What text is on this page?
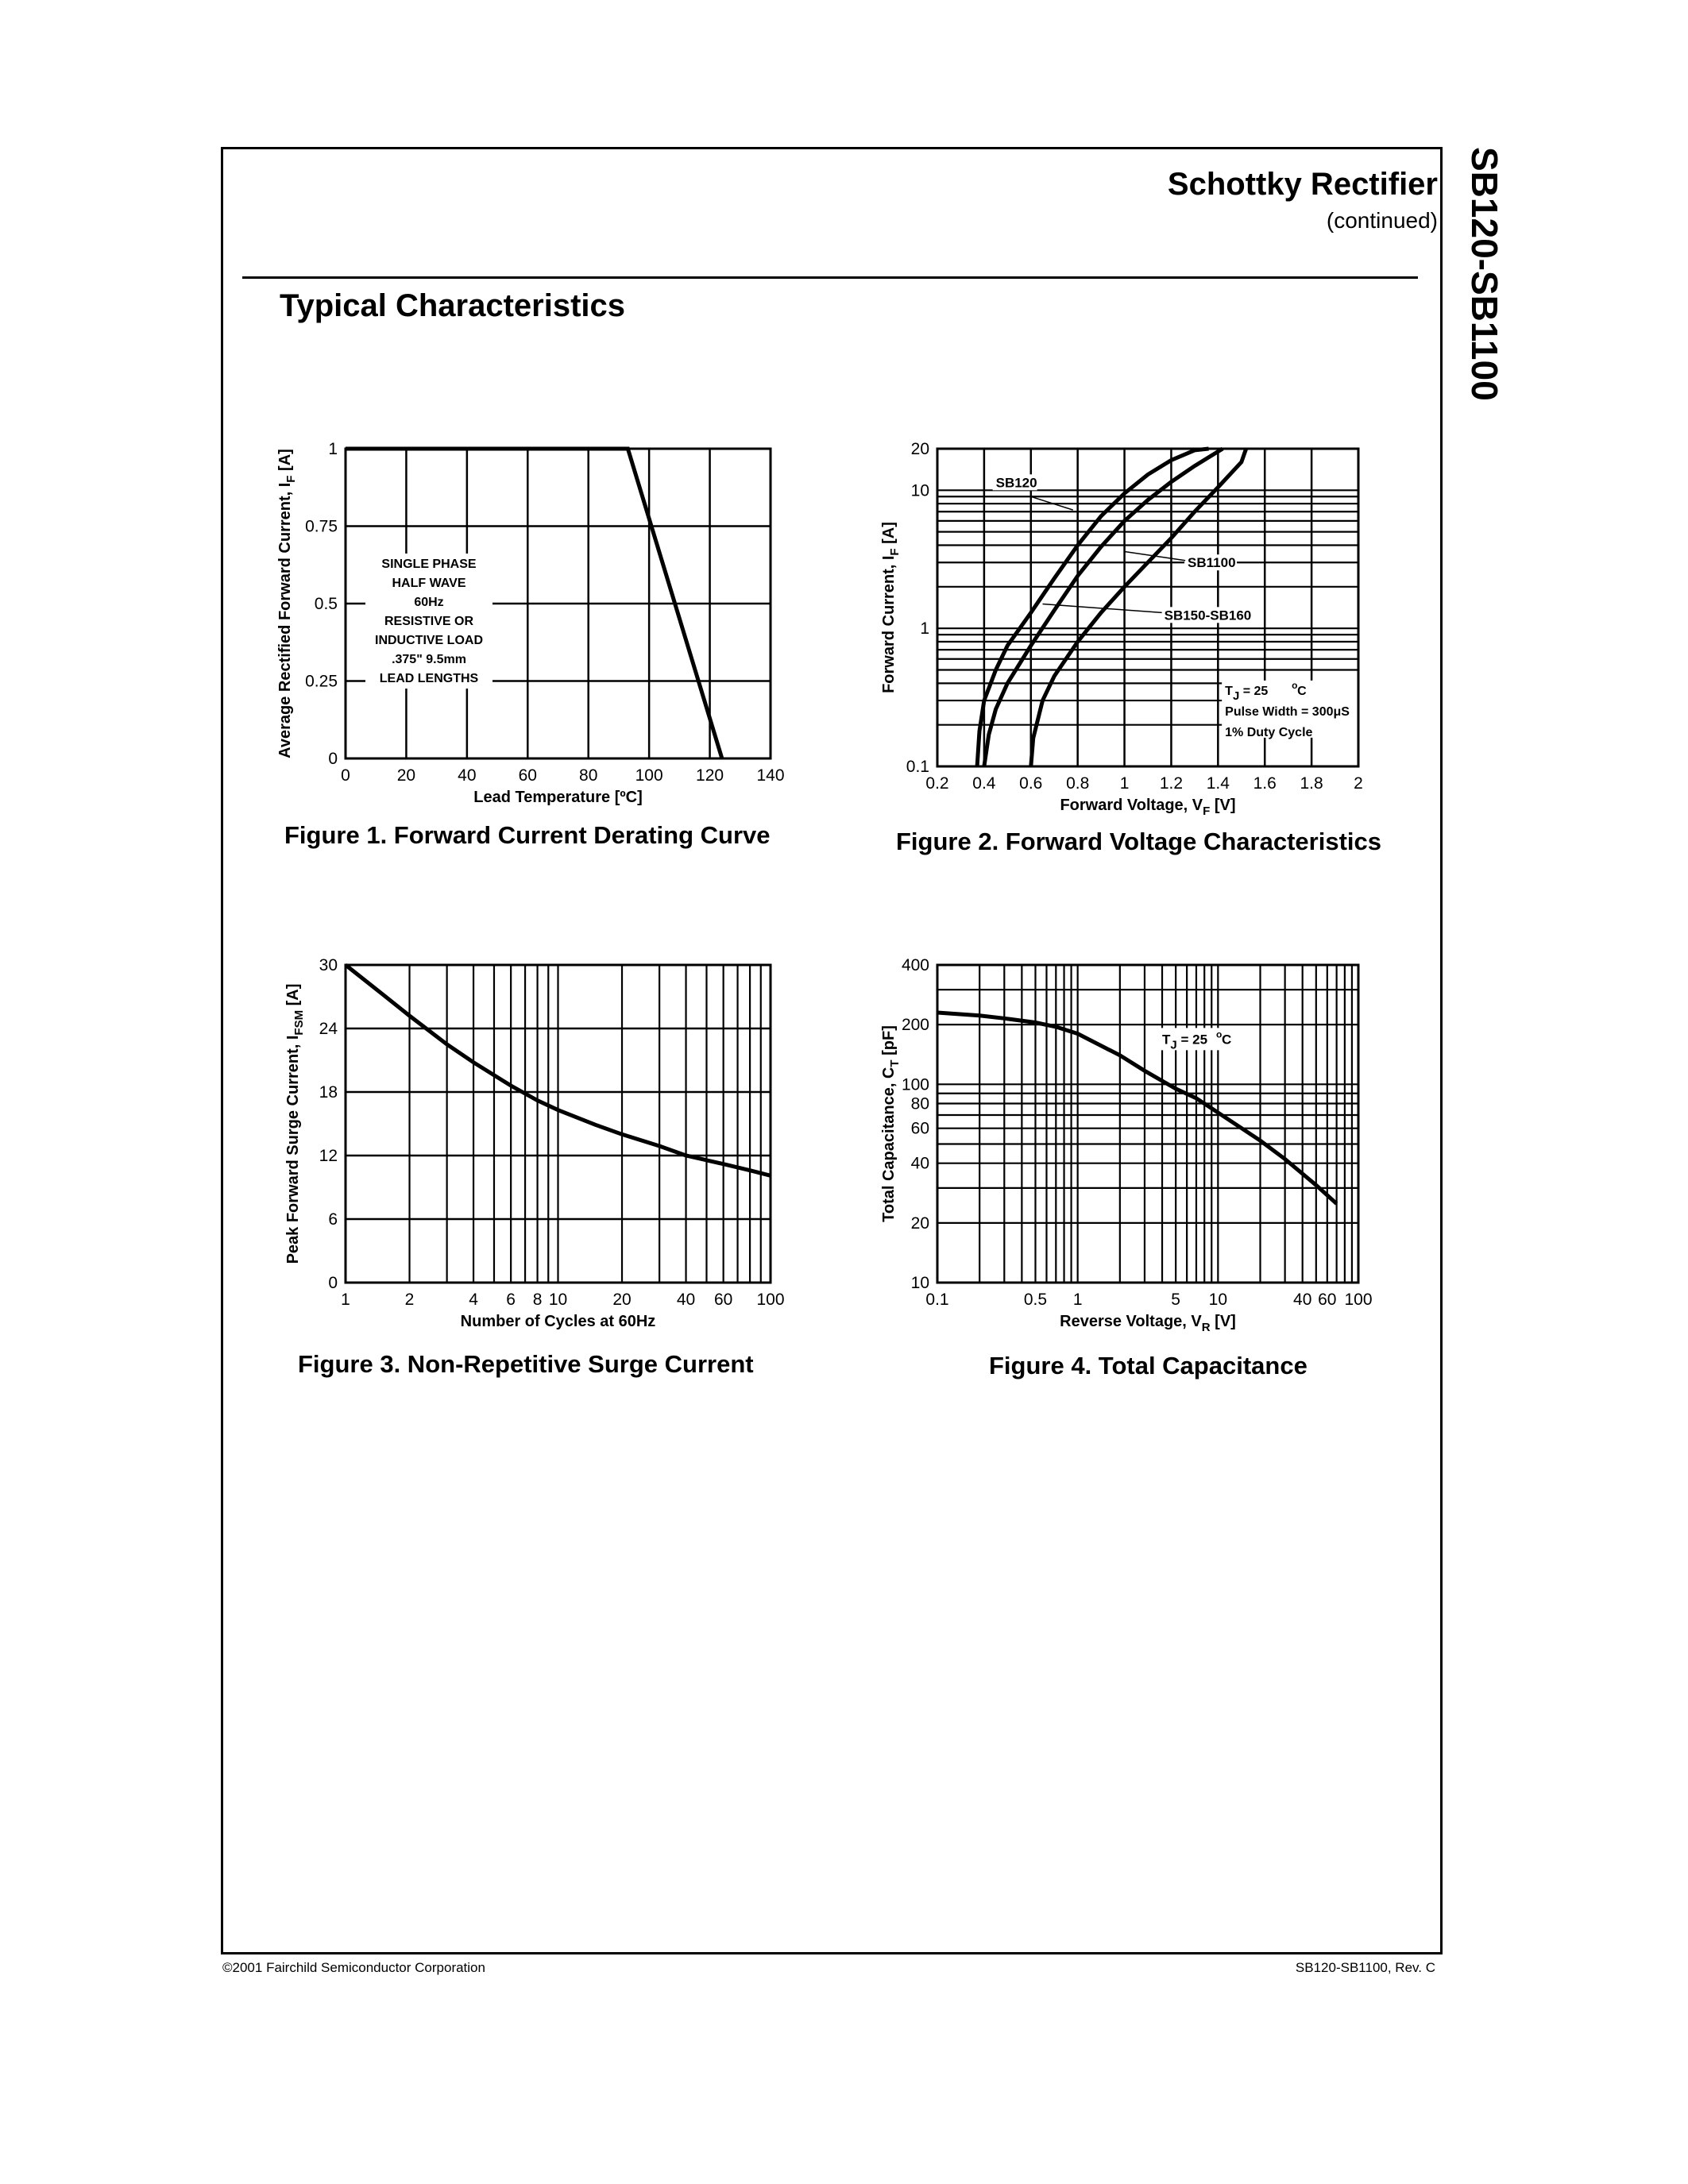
Schottky Rectifier
(continued)
Typical Characteristics	SB120-SB1100
0	20	40	60	80 100 120 140
0
0.25
0.5
0.75
1
SINGLE PHASE
HALF WAVE
60Hz
RESISTIVE OR
INDUCTIVE LOAD
.375" 9.5mm
LEAD LENGTHS
Lead Temperature [ºC]
Average Rectified Forward Current, $I_F$ [A]
Figure 1. Forward Current Derating Curve
0.2 0.4 0.6 0.8 1 1.2 1.4 1.6 1.8 2
0.1
1
10
20
SB120
SB1100
SB150-SB160
TJ = 25 o C
Pulse Width = 300μS
1% Duty Cycle
Forward Voltage, $V_F$ [V]
Forward Current, $I_F$ [A]
Figure 2. Forward Voltage Characteristics
1	2	4 6 8 10	20	40 60 100
0
6
12
18
24
30
Number of Cycles at 60Hz
Peak Forward Surge Current, $I_{FSM}$ [A]
Figure 3. Non-Repetitive Surge Current
0.1	0.5 1	5 10	40 60 100
10
20
40
60
80
100
200
400
TJ = 25 o C
Reverse Voltage, $V_R$ [V]
Total Capacitance, $C_T$ [pF]
Figure 4. Total Capacitance
©2001 Fairchild Semiconductor Corporation	SB120-SB1100, Rev. C
